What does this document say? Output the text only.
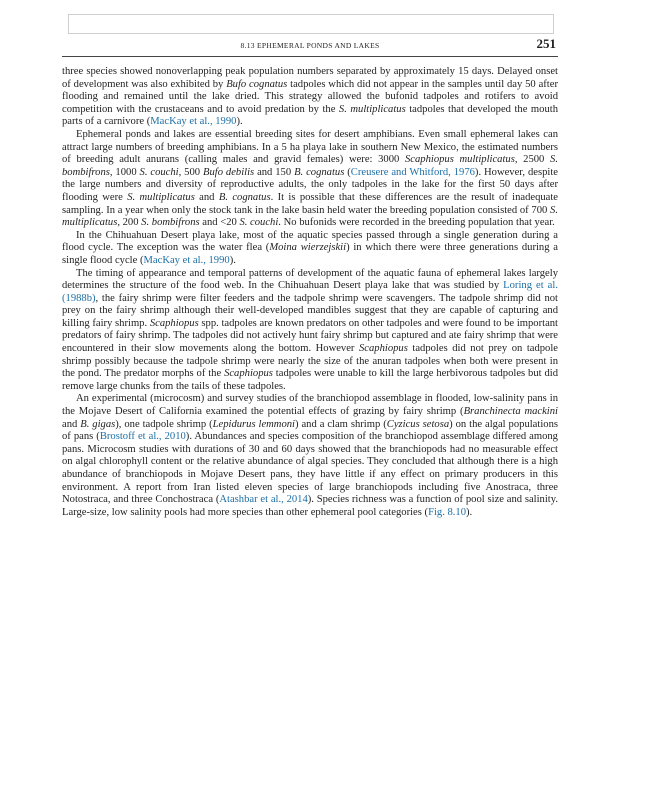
8.13 EPHEMERAL PONDS AND LAKES	251

three species showed nonoverlapping peak population numbers separated by approximately 15 days. Delayed onset of development was also exhibited by Bufo cognatus tadpoles which did not appear in the samples until day 50 after flooding and remained until the lake dried. This strategy allowed the bufonid tadpoles and rotifers to avoid competition with the crustaceans and to avoid predation by the S. multiplicatus tadpoles that developed the mouth parts of a carnivore (MacKay et al., 1990).

Ephemeral ponds and lakes are essential breeding sites for desert amphibians. Even small ephemeral lakes can attract large numbers of breeding amphibians. In a 5 ha playa lake in southern New Mexico, the estimated numbers of breeding adult anurans (calling males and gravid females) were: 3000 Scaphiopus multiplicatus, 2500 S. bombifrons, 1000 S. couchi, 500 Bufo debilis and 150 B. cognatus (Creusere and Whitford, 1976). However, despite the large numbers and diversity of reproductive adults, the only tadpoles in the lake for the first 50 days after flooding were S. multiplicatus and B. cognatus. It is possible that these differences are the result of inadequate sampling. In a year when only the stock tank in the lake basin held water the breeding population consisted of 700 S. multiplicatus, 200 S. bombifrons and <20 S. couchi. No bufonids were recorded in the breeding population that year.

In the Chihuahuan Desert playa lake, most of the aquatic species passed through a single generation during a flood cycle. The exception was the water flea (Moina wierzejskii) in which there were three generations during a single flood cycle (MacKay et al., 1990).

The timing of appearance and temporal patterns of development of the aquatic fauna of ephemeral lakes largely determines the structure of the food web. In the Chihuahuan Desert playa lake that was studied by Loring et al. (1988b), the fairy shrimp were filter feeders and the tadpole shrimp were scavengers. The tadpole shrimp did not prey on the fairy shrimp although their well-developed mandibles suggest that they are capable of capturing and killing fairy shrimp. Scaphiopus spp. tadpoles are known predators on other tadpoles and were found to be important predators of fairy shrimp. The tadpoles did not actively hunt fairy shrimp but captured and ate fairy shrimp that were encountered in their slow movements along the bottom. However Scaphiopus tadpoles did not prey on tadpole shrimp possibly because the tadpole shrimp were nearly the size of the anuran tadpoles when both were present in the pond. The predator morphs of the Scaphiopus tadpoles were unable to kill the large herbivorous tadpoles but did remove large chunks from the tails of these tadpoles.

An experimental (microcosm) and survey studies of the branchiopod assemblage in flooded, low-salinity pans in the Mojave Desert of California examined the potential effects of grazing by fairy shrimp (Branchinecta mackini and B. gigas), one tadpole shrimp (Lepidurus lemmoni) and a clam shrimp (Cyzicus setosa) on the algal populations of pans (Brostoff et al., 2010). Abundances and species composition of the branchiopod assemblage differed among pans. Microcosm studies with durations of 30 and 60 days showed that the branchiopods had no measurable effect on algal chlorophyll content or the relative abundance of algal species. They concluded that although there is a high abundance of branchiopods in Mojave Desert pans, they have little if any effect on primary producers in this environment. A report from Iran listed eleven species of large branchiopods including five Anostraca, three Notostraca, and three Conchostraca (Atashbar et al., 2014). Species richness was a function of pool size and salinity. Large-size, low salinity pools had more species than other ephemeral pool categories (Fig. 8.10).
